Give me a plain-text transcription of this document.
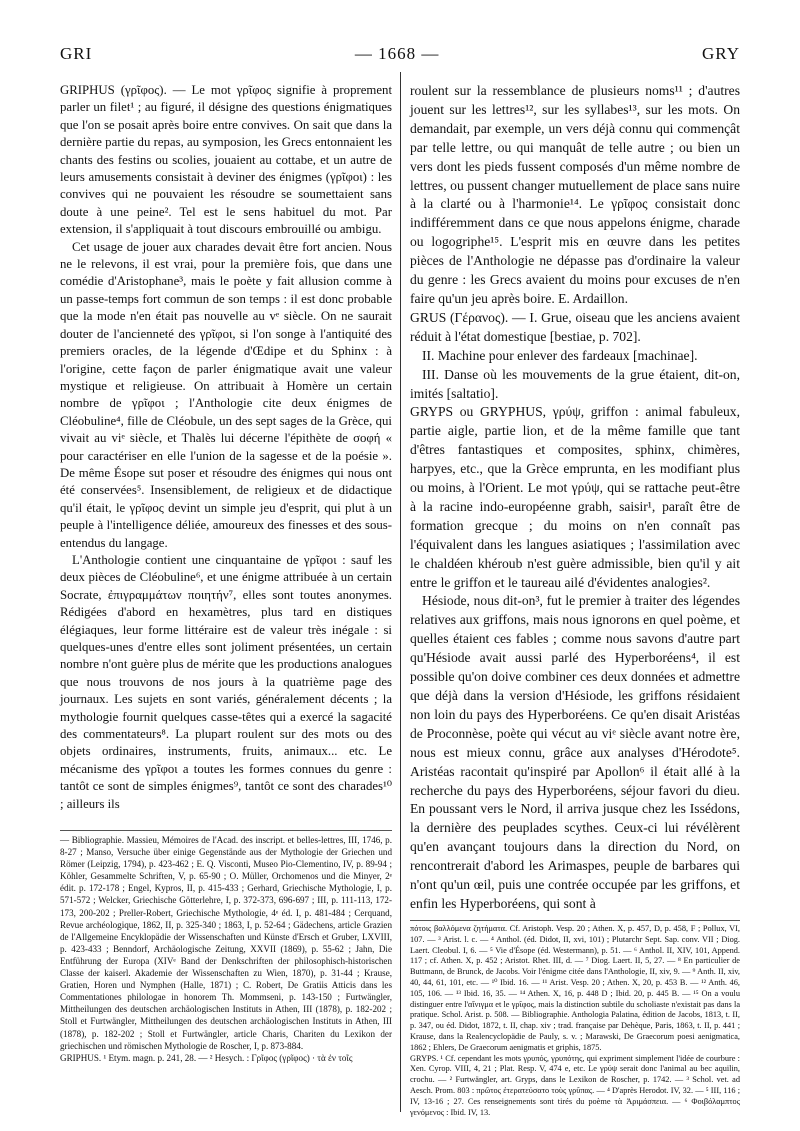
GRI	— 1668 —	GRY

GRIPHUS (γρῖφος). — Le mot γρῖφος signifie à proprement parler un filet¹ ; au figuré, il désigne des questions énigmatiques que l'on se posait après boire entre convives. On sait que dans la dernière partie du repas, au symposion, les Grecs entonnaient les chants des festins ou scolies, jouaient au cottabe, et un autre de leurs amusements consistait à deviner des énigmes (γρῖφοι) : les convives qui ne pouvaient les résoudre se soumettaient sans doute à une peine². Tel est le sens habituel du mot. Par extension, il s'appliquait à tout discours embrouillé ou ambigu.

Cet usage de jouer aux charades devait être fort ancien. Nous ne le relevons, il est vrai, pour la première fois, que dans une comédie d'Aristophane³, mais le poète y fait allusion comme à un passe-temps fort commun de son temps : il est donc probable que la mode n'en était pas nouvelle au vᵉ siècle. On ne saurait douter de l'ancienneté des γρῖφοι, si l'on songe à l'antiquité des premiers oracles, de la légende d'Œdipe et du Sphinx : à l'origine, cette façon de parler énigmatique avait une valeur mystique et religieuse. On attribuait à Homère un certain nombre de γρῖφοι ; l'Anthologie cite deux énigmes de Cléobuline⁴, fille de Cléobule, un des sept sages de la Grèce, qui vivait au viᵉ siècle, et Thalès lui décerne l'épithète de σοφή « pour caractériser en elle l'union de la sagesse et de la poésie ». De même Ésope sut poser et résoudre des énigmes qui nous ont été conservées⁵. Insensiblement, de religieux et de didactique qu'il était, le γρῖφος devint un simple jeu d'esprit, qui plut à un peuple à l'intelligence déliée, amoureux des finesses et des sous-entendus du langage.

L'Anthologie contient une cinquantaine de γρῖφοι : sauf les deux pièces de Cléobuline⁶, et une énigme attribuée à un certain Socrate, ἐπιγραμμάτων ποιητήν⁷, elles sont toutes anonymes. Rédigées d'abord en hexamètres, plus tard en distiques élégiaques, leur forme littéraire est de valeur très inégale : si quelques-unes d'entre elles sont joliment présentées, un certain nombre n'ont guère plus de mérite que les productions analogues que nous trouvons de nos jours à la quatrième page des journaux. Les sujets en sont variés, généralement décents ; la mythologie fournit quelques casse-têtes qui a exercé la sagacité des commentateurs⁸. La plupart roulent sur des mots ou des objets ordinaires, instruments, fruits, animaux... etc. Le mécanisme des γρῖφοι a toutes les formes connues du genre : tantôt ce sont de simples énigmes⁹, tantôt ce sont des charades¹⁰ ; ailleurs ils

— Bibliographie. Massieu, Mémoires de l'Acad. des inscript. et belles-lettres, III, 1746, p. 8-27 ; Manso, Versuche über einige Gegenstände aus der Mythologie der Griechen und Römer (Leipzig, 1794), p. 423-462 ; E. Q. Visconti, Museo Pio-Clementino, IV, p. 89-94 ; Köhler, Gesammelte Schriften, V, p. 65-90 ; O. Müller, Orchomenos und die Minyer, 2ᵉ édit. p. 172-178 ; Engel, Kypros, II, p. 415-433 ; Gerhard, Griechische Mythologie, I, p. 571-572 ; Welcker, Griechische Götterlehre, I, p. 372-373, 696-697 ; III, p. 111-113, 172-173, 200-202 ; Preller-Robert, Griechische Mythologie, 4ᵉ éd. I, p. 481-484 ; Cerquand, Revue archéologique, 1862, II, p. 325-340 ; 1863, I, p. 52-64 ; Gädechens, article Grazien de l'Allgemeine Encyklopädie der Wissenschaften und Künste d'Ersch et Gruber, LXVIII, p. 423-433 ; Benndorf, Archäologische Zeitung, XXVII (1869), p. 55-62 ; Jahn, Die Entführung der Europa (XIVᵉ Band der Denkschriften der philosophisch-historischen Classe der kaiserl. Akademie der Wissenschaften zu Wien, 1870), p. 31-44 ; Krause, Gratien, Horen und Nymphen (Halle, 1871) ; C. Robert, De Gratiis Atticis dans les Commentationes philologae in honorem Th. Mommseni, p. 143-150 ; Furtwängler, Mittheilungen des deutschen archäologischen Instituts in Athen, III (1878), p. 182-202 ; Stoll et Furtwängler, Mittheilungen des deutschen archäologischen Instituts in Athen, III (1878), p. 182-202 ; Stoll et Furtwängler, article Charis, Chariten du Lexikon der griechischen und römischen Mythologie de Roscher, I, p. 873-884.
GRIPHUS. ¹ Etym. magn. p. 241, 28. — ² Hesych. : Γρῖφος (γρῖφος) · τὰ ἐν τοῖς

roulent sur la ressemblance de plusieurs noms¹¹ ; d'autres jouent sur les lettres¹², sur les syllabes¹³, sur les mots. On demandait, par exemple, un vers déjà connu qui commençât par telle lettre, ou qui manquât de telle autre ; ou bien un vers dont les pieds fussent composés d'un même nombre de lettres, ou pussent changer mutuellement de place sans nuire à la clarté ou à l'harmonie¹⁴. Le γρῖφος consistait donc indifféremment dans ce que nous appelons énigme, charade ou logogriphe¹⁵. L'esprit mis en œuvre dans les petites pièces de l'Anthologie ne dépasse pas d'ordinaire la valeur du genre : les Grecs avaient du moins pour excuses de n'en faire qu'un jeu après boire. E. Ardaillon.

GRUS (Γέρανος). — I. Grue, oiseau que les anciens avaient réduit à l'état domestique [bestiae, p. 702].

II. Machine pour enlever des fardeaux [machinae].

III. Danse où les mouvements de la grue étaient, dit-on, imités [saltatio].

GRYPS ou GRYPHUS, γρύψ, griffon : animal fabuleux, partie aigle, partie lion, et de la même famille que tant d'êtres fantastiques et composites, sphinx, chimères, harpyes, etc., que la Grèce emprunta, en les modifiant plus ou moins, à l'Orient. Le mot γρύψ, qui se rattache peut-être à la racine indo-européenne grabh, saisir¹, paraît être de formation grecque ; du moins on n'en connaît pas l'équivalent dans les langues asiatiques ; l'assimilation avec le chaldéen khéroub n'est guère admissible, bien qu'il y ait entre le griffon et le taureau ailé d'évidentes analogies².

Hésiode, nous dit-on³, fut le premier à traiter des légendes relatives aux griffons, mais nous ignorons en quel poème, et quelles étaient ces fables ; comme nous savons d'autre part qu'Hésiode avait aussi parlé des Hyperboréens⁴, il est possible qu'on doive combiner ces deux données et admettre que déjà dans la version d'Hésiode, les griffons résidaient non loin du pays des Hyperboréens. Ce qu'en disait Aristéas de Proconnèse, poète qui vécut au viᵉ siècle avant notre ère, nous est mieux connu, grâce aux analyses d'Hérodote⁵. Aristéas racontait qu'inspiré par Apollon⁶ il était allé à la recherche du pays des Hyperboréens, séjour favori du dieu. En poussant vers le Nord, il arriva jusque chez les Issédons, la dernière des peuplades scythes. Ceux-ci lui révélèrent qu'en avançant toujours dans la direction du Nord, on rencontrerait d'abord les Arimaspes, peuple de barbares qui n'ont qu'un œil, puis une contrée occupée par les griffons, et enfin les Hyperboréens, qui sont à

πότοις βαλλόμενα ζητήματα. Cf. Aristoph. Vesp. 20 ; Athen. X, p. 457, D, p. 458, F ; Pollux, VI, 107. — ³ Arist. l. c. — ⁴ Anthol. (éd. Didot, II, xvi, 101) ; Plutarchr Sept. Sap. conv. VII ; Diog. Laert. Cleobul. I, 6. — ⁵ Vie d'Ésope (éd. Westermann), p. 51. — ⁶ Anthol. II, XIV, 101, Append. 117 ; cf. Athen. X, p. 452 ; Aristot. Rhet. III, d. — ⁷ Diog. Laert. II, 5, 27. — ⁸ En particulier de Buttmann, de Brunck, de Jacobs. Voir l'énigme citée dans l'Anthologie, II, xiv, 9. — ⁹ Anth. II, xiv, 40, 44, 61, 101, etc. — ¹⁰ Ibid. 16. — ¹¹ Arist. Vesp. 20 ; Athen. X, 20, p. 453 B. — ¹² Anth. 46, 105, 106. — ¹³ Ibid. 16, 35. — ¹⁴ Athen. X, 16, p. 448 D ; Ibid. 20, p. 445 B. — ¹⁵ On a voulu distinguer entre l'αἴνιγμα et le γρῖφος, mais la distinction subtile du scholiaste n'existait pas dans la pratique. Schol. Arist. p. 508. — Bibliographie. Anthologia Palatina, édition de Jacobs, 1813, t. II, p. 347, ou éd. Didot, 1872, t. II, chap. xiv ; trad. française par Dehèque, Paris, 1863, t. II, p. 441 ; Krause, dans la Realencyclopädie de Pauly, s. v. ; Marawski, De Graecorum poesi aenigmatica, 1862 ; Ehlers, De Graecorum aenigmatis et griphis, 1875.
GRYPS. ¹ Cf. cependant les mots γρυπός, γρυπότης, qui expriment simplement l'idée de courbure : Xen. Cyrop. VIII, 4, 21 ; Plat. Resp. V, 474 e, etc. Le γρύψ serait donc l'animal au bec aquilin, crochu. — ² Furtwängler, art. Gryps, dans le Lexikon de Roscher, p. 1742. — ³ Schol. vet. ad Aesch. Prom. 803 : πρῶτος ἐτερατεύσατο τοὺς γρῦπας. — ⁴ D'après Herodot. IV, 32. — ⁵ III, 116 ; IV, 13-16 ; 27. Ces renseignements sont tirés du poème τὰ Ἀριμάσπεια. — ⁶ Φοιβόλαμπτος γενόμενος : Ibid. IV, 13.
